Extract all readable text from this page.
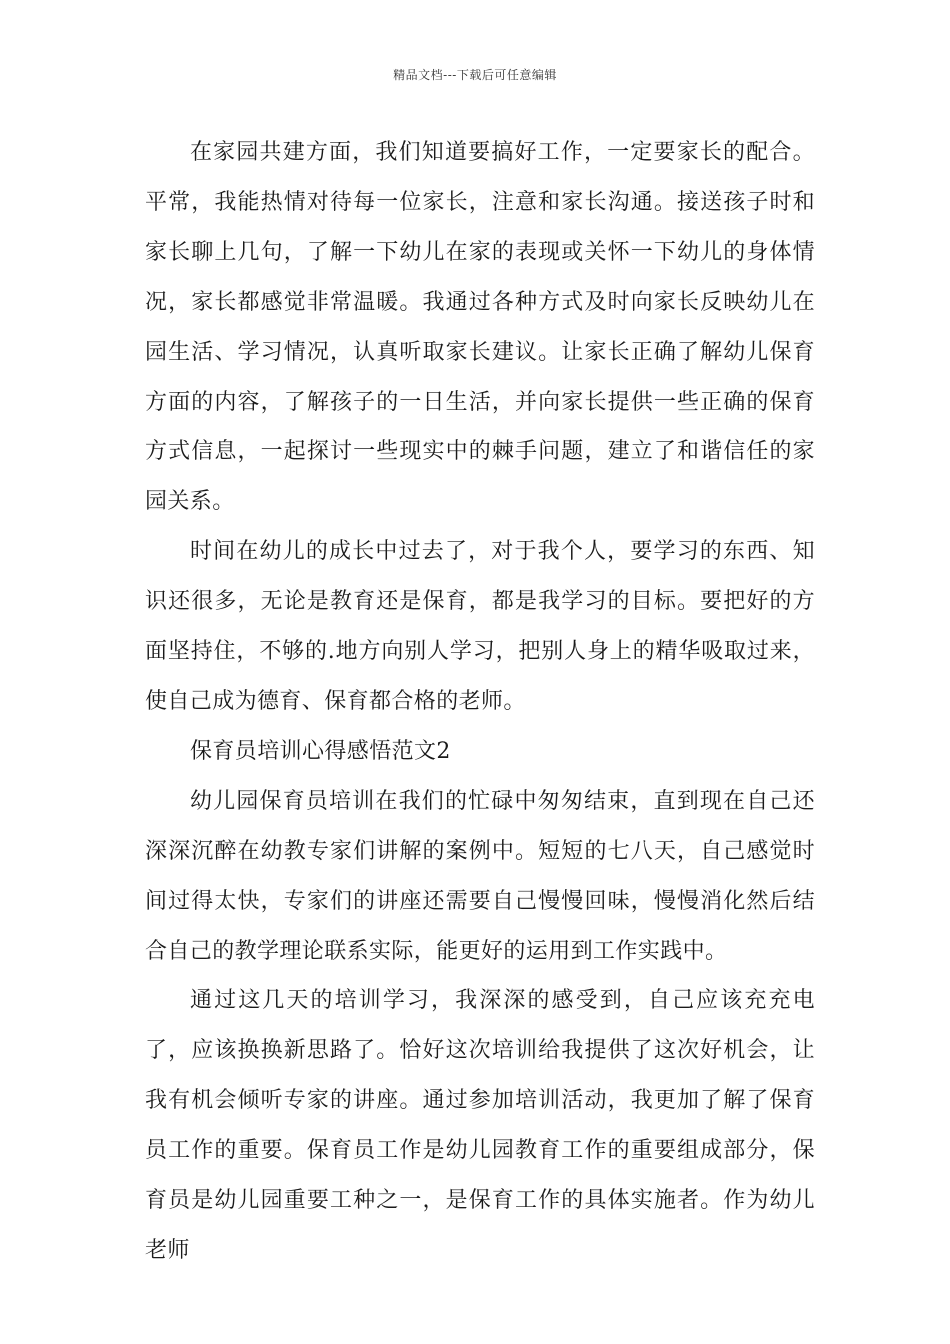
精品文档---下载后可任意编辑

在家园共建方面，我们知道要搞好工作，一定要家长的配合。平常，我能热情对待每一位家长，注意和家长沟通。接送孩子时和家长聊上几句，了解一下幼儿在家的表现或关怀一下幼儿的身体情况，家长都感觉非常温暖。我通过各种方式及时向家长反映幼儿在园生活、学习情况，认真听取家长建议。让家长正确了解幼儿保育方面的内容，了解孩子的一日生活，并向家长提供一些正确的保育方式信息，一起探讨一些现实中的棘手问题，建立了和谐信任的家园关系。

时间在幼儿的成长中过去了，对于我个人，要学习的东西、知识还很多，无论是教育还是保育，都是我学习的目标。要把好的方面坚持住，不够的.地方向别人学习，把别人身上的精华吸取过来，使自己成为德育、保育都合格的老师。

保育员培训心得感悟范文2

幼儿园保育员培训在我们的忙碌中匆匆结束，直到现在自己还深深沉醉在幼教专家们讲解的案例中。短短的七八天，自己感觉时间过得太快，专家们的讲座还需要自己慢慢回味，慢慢消化然后结合自己的教学理论联系实际，能更好的运用到工作实践中。

通过这几天的培训学习，我深深的感受到，自己应该充充电了，应该换换新思路了。恰好这次培训给我提供了这次好机会，让我有机会倾听专家的讲座。通过参加培训活动，我更加了解了保育员工作的重要。保育员工作是幼儿园教育工作的重要组成部分，保育员是幼儿园重要工种之一，是保育工作的具体实施者。作为幼儿老师
